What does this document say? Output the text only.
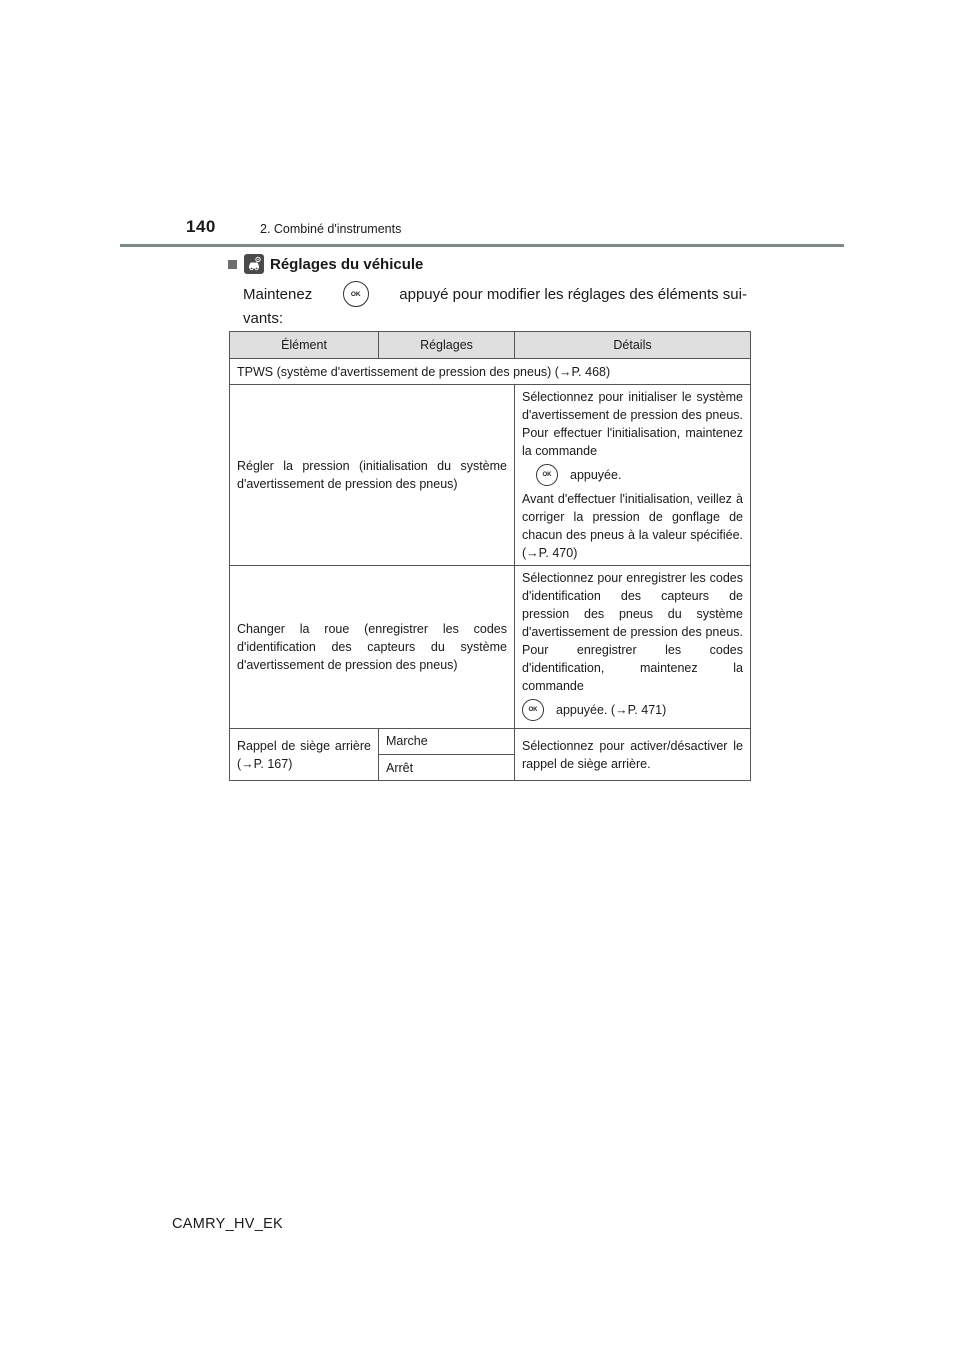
140	2. Combiné d'instruments
Réglages du véhicule
Maintenez	OK	appuyé pour modifier les réglages des éléments sui-
vants:
Élément	Réglages	Détails
TPWS (système d'avertissement de pression des pneus) (→P. 468)		
Régler la pression (initialisation du système d'avertissement de pression des pneus)		Sélectionnez pour initialiser le système d'avertissement de pression des pneus. Pour effectuer l'initialisation, maintenez la commande
OK appuyée.
Avant d'effectuer l'initialisation, veillez à corriger la pression de gonflage de chacun des pneus à la valeur spécifiée. (→P. 470)

Changer la roue (enregistrer les codes d'identification des capteurs du système d'avertissement de pression des pneus)		Sélectionnez pour enregistrer les codes d'identification des capteurs de pression des pneus du système d'avertissement de pression des pneus. Pour enregistrer les codes d'identification, maintenez la commande
OK appuyée. (→P. 471)

Rappel de siège arrière (→P. 167)	Marche	Sélectionnez pour activer/désactiver le rappel de siège arrière.
	Arrêt	
CAMRY_HV_EK
